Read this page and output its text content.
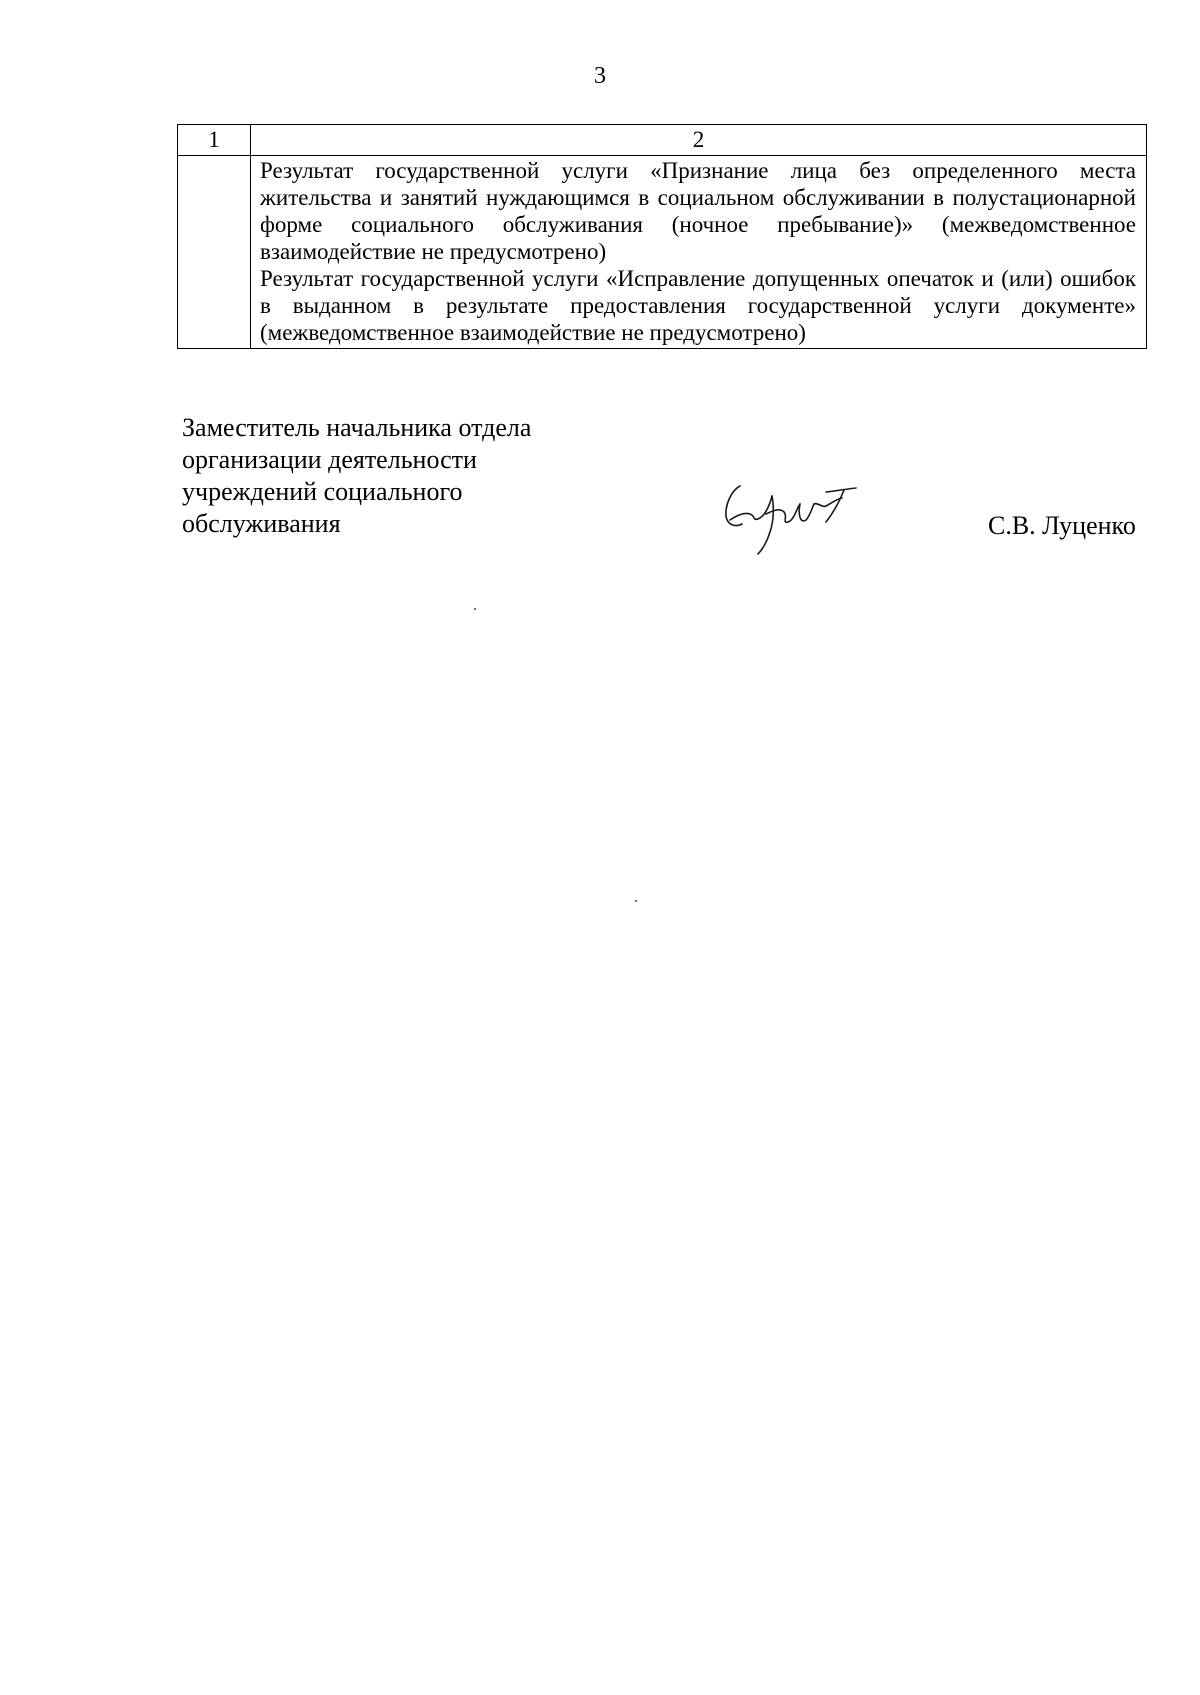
3
1	2

	Результат государственной услуги «Признание лица без определенного места жительства и занятий нуждающимся в социальном обслуживании в полустационарной форме социального обслуживания (ночное пребывание)» (межведомственное взаимодействие не предусмотрено)

Результат государственной услуги «Исправление допущенных опечаток и (или) ошибок в выданном в результате предоставления государственной услуги документе» (межведомственное взаимодействие не предусмотрено)

Заместитель начальника отдела
организации деятельности
учреждений социального
обслуживания	С.В. Луценко
